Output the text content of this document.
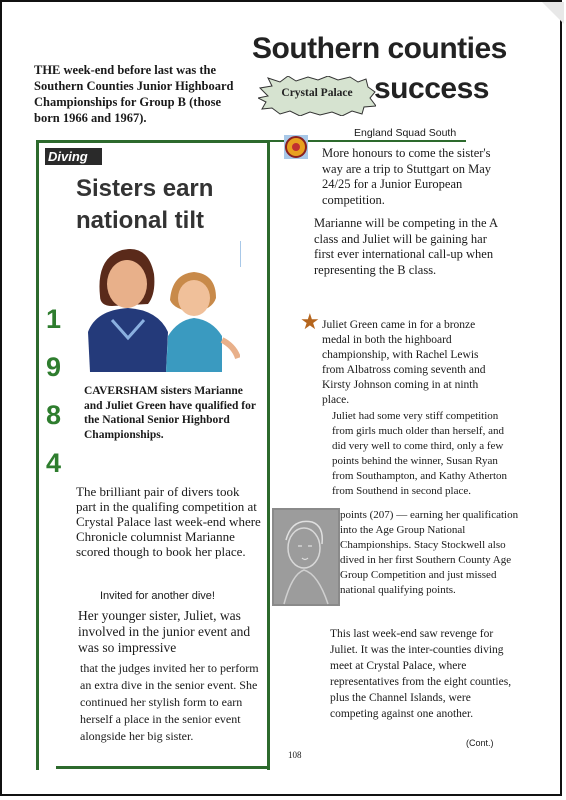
THE week-end before last was the Southern Counties Junior Highboard Championships for Group B (those born 1966 and 1967).
Southern counties
success
Crystal Palace
Diving
Sisters earn national tilt
1
9
8
4
CAVERSHAM sisters Marianne and Juliet Green have qualified for the National Senior Highbord Championships.
The brilliant pair of divers took part in the qualifing competition at Crystal Palace last week-end where Chronicle columnist Marianne scored though to book her place.
Invited for another dive!
Her younger sister, Juliet, was involved in the junior event and was so impressive
that the judges invited her to perform an extra dive in the senior event. She continued her stylish form to earn herself a place in the senior event alongside her big sister.
England Squad South
More honours to come the sister's way are a trip to Stuttgart on May 24/25 for a Junior European competition.
Marianne will be competing in the A class and Juliet will be gaining har first ever international call-up when representing the B class.
★ Juliet Green came in for a bronze medal in both the highboard championship, with Rachel Lewis from Albatross coming seventh and Kirsty Johnson coming in at ninth place.
Juliet had some very stiff competition from girls much older than herself, and did very well to come third, only a few points behind the winner, Susan Ryan from Southampton, and Kathy Atherton from Southend in second place.
points (207) — earning her qualification into the Age Group National Championships. Stacy Stockwell also dived in her first Southern County Age Group Competition and just missed national qualifying points.
This last week-end saw revenge for Juliet. It was the inter-counties diving meet at Crystal Palace, where representatives from the eight counties, plus the Channel Islands, were competing against one another.
(Cont.)
108
